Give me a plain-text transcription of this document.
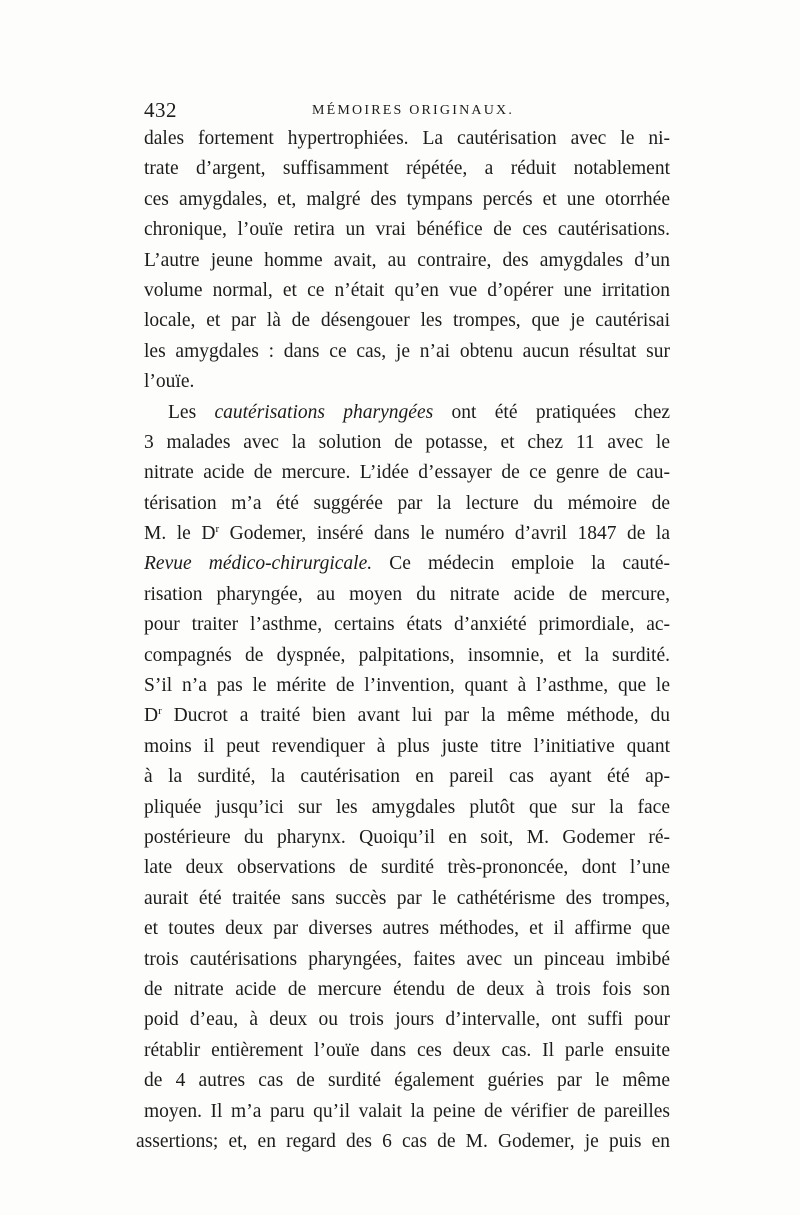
432	MÉMOIRES ORIGINAUX.
dales fortement hypertrophiées. La cautérisation avec le ni-
trate d’argent, suffisamment répétée, a réduit notablement
ces amygdales, et, malgré des tympans percés et une otorrhée
chronique, l’ouïe retira un vrai bénéfice de ces cautérisations.
L’autre jeune homme avait, au contraire, des amygdales d’un
volume normal, et ce n’était qu’en vue d’opérer une irritation
locale, et par là de désengouer les trompes, que je cautérisai
les amygdales : dans ce cas, je n’ai obtenu aucun résultat sur
l’ouïe.
Les cautérisations pharyngées ont été pratiquées chez
3 malades avec la solution de potasse, et chez 11 avec le
nitrate acide de mercure. L’idée d’essayer de ce genre de cau-
térisation m’a été suggérée par la lecture du mémoire de
M. le $D^r$ Godemer, inséré dans le numéro d’avril 1847 de la
Revue médico-chirurgicale. Ce médecin emploie la cauté-
risation pharyngée, au moyen du nitrate acide de mercure,
pour traiter l’asthme, certains états d’anxiété primordiale, ac-
compagnés de dyspnée, palpitations, insomnie, et la surdité.
S’il n’a pas le mérite de l’invention, quant à l’asthme, que le
$D^r$ Ducrot a traité bien avant lui par la même méthode, du
moins il peut revendiquer à plus juste titre l’initiative quant
à la surdité, la cautérisation en pareil cas ayant été ap-
pliquée jusqu’ici sur les amygdales plutôt que sur la face
postérieure du pharynx. Quoiqu’il en soit, M. Godemer ré-
late deux observations de surdité très-prononcée, dont l’une
aurait été traitée sans succès par le cathétérisme des trompes,
et toutes deux par diverses autres méthodes, et il affirme que
trois cautérisations pharyngées, faites avec un pinceau imbibé
de nitrate acide de mercure étendu de deux à trois fois son
poid d’eau, à deux ou trois jours d’intervalle, ont suffi pour
rétablir entièrement l’ouïe dans ces deux cas. Il parle ensuite
de 4 autres cas de surdité également guéries par le même
moyen. Il m’a paru qu’il valait la peine de vérifier de pareilles
assertions; et, en regard des 6 cas de M. Godemer, je puis en
